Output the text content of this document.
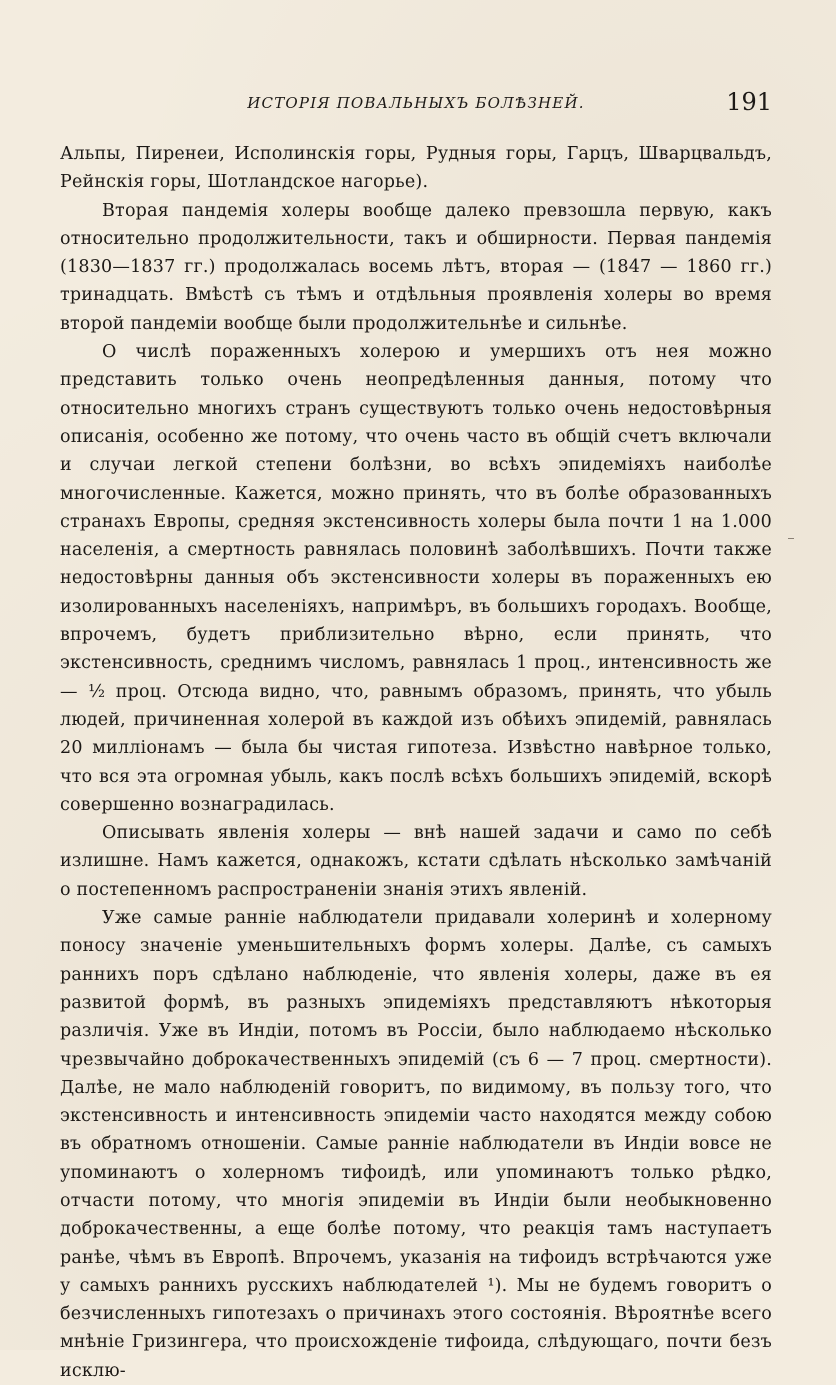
ИСТОРІЯ ПОВАЛЬНЫХЪ БОЛѢЗНЕЙ.	191

Альпы, Пиренеи, Исполинскія горы, Рудныя горы, Гарцъ, Шварцвальдъ, Рейнскія горы, Шотландское нагорье).

Вторая пандемія холеры вообще далеко превзошла первую, какъ относительно продолжительности, такъ и обширности. Первая пандемія (1830—1837 гг.) продолжалась восемь лѣтъ, вторая — (1847 — 1860 гг.) тринадцать. Вмѣстѣ съ тѣмъ и отдѣльныя проявленія холеры во время второй пандеміи вообще были продолжительнѣе и сильнѣе.

О числѣ пораженныхъ холерою и умершихъ отъ нея можно представить только очень неопредѣленныя данныя, потому что относительно многихъ странъ существуютъ только очень недостовѣрныя описанія, особенно же потому, что очень часто въ общій счетъ включали и случаи легкой степени болѣзни, во всѣхъ эпидеміяхъ наиболѣе многочисленные. Кажется, можно принять, что въ болѣе образованныхъ странахъ Европы, средняя экстенсивность холеры была почти 1 на 1.000 населенія, а смертность равнялась половинѣ заболѣвшихъ. Почти также недостовѣрны данныя объ экстенсивности холеры въ пораженныхъ ею изолированныхъ населеніяхъ, напримѣръ, въ большихъ городахъ. Вообще, впрочемъ, будетъ приблизительно вѣрно, если принять, что экстенсивность, среднимъ числомъ, равнялась 1 проц., интенсивность же— ½ проц. Отсюда видно, что, равнымъ образомъ, принять, что убыль людей, причиненная холерой въ каждой изъ обѣихъ эпидемій, равнялась 20 милліонамъ — была бы чистая гипотеза. Извѣстно навѣрное только, что вся эта огромная убыль, какъ послѣ всѣхъ большихъ эпидемій, вскорѣ совершенно вознаградилась.

Описывать явленія холеры — внѣ нашей задачи и само по себѣ излишне. Намъ кажется, однакожъ, кстати сдѣлать нѣсколько замѣчаній о постепенномъ распространеніи знанія этихъ явленій.

Уже самые ранніе наблюдатели придавали холеринѣ и холерному поносу значеніе уменьшительныхъ формъ холеры. Далѣе, съ самыхъ раннихъ поръ сдѣлано наблюденіе, что явленія холеры, даже въ ея развитой формѣ, въ разныхъ эпидеміяхъ представляютъ нѣкоторыя различія. Уже въ Индіи, потомъ въ Россіи, было наблюдаемо нѣсколько чрезвычайно доброкачественныхъ эпидемій (съ 6 — 7 проц. смертности). Далѣе, не мало наблюденій говоритъ, по видимому, въ пользу того, что экстенсивность и интенсивность эпидеміи часто находятся между собою въ обратномъ отношеніи. Самые ранніе наблюдатели въ Индіи вовсе не упоминаютъ о холерномъ тифоидѣ, или упоминаютъ только рѣдко, отчасти потому, что многія эпидеміи въ Индіи были необыкновенно доброкачественны, а еще болѣе потому, что реакція тамъ наступаетъ ранѣе, чѣмъ въ Европѣ. Впрочемъ, указанія на тифоидъ встрѣчаются уже у самыхъ раннихъ русскихъ наблюдателей ¹). Мы не будемъ говоритъ о безчисленныхъ гипотезахъ о причинахъ этого состоянія. Вѣроятнѣе всего мнѣніе Гризингера, что происхожденіе тифоида, слѣдующаго, почти безъ исклю-
